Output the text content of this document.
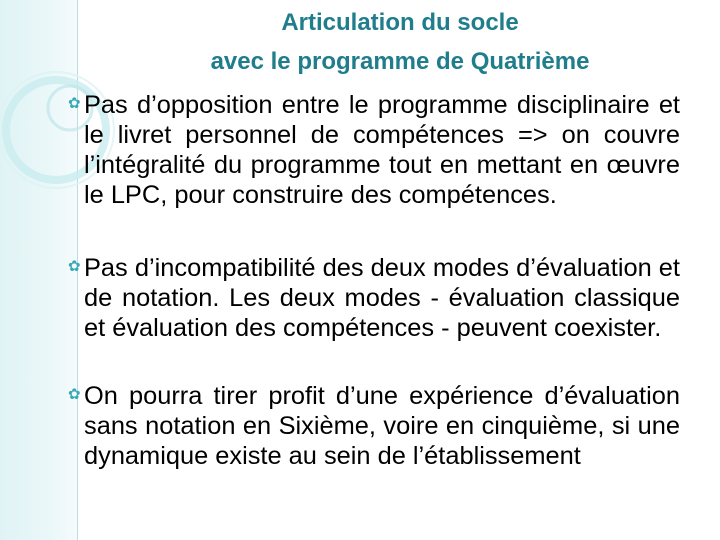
Articulation du socle
avec le programme de Quatrième

✿ Pas d’opposition entre le programme disciplinaire et le livret personnel de compétences => on couvre l’intégralité du programme tout en mettant en œuvre le LPC, pour construire des compétences.

✿ Pas d’incompatibilité des deux modes d’évaluation et de notation. Les deux modes - évaluation classique et évaluation des compétences - peuvent coexister.

✿ On pourra tirer profit d’une expérience d’évaluation sans notation en Sixième, voire en cinquième, si une dynamique existe au sein de l’établissement
